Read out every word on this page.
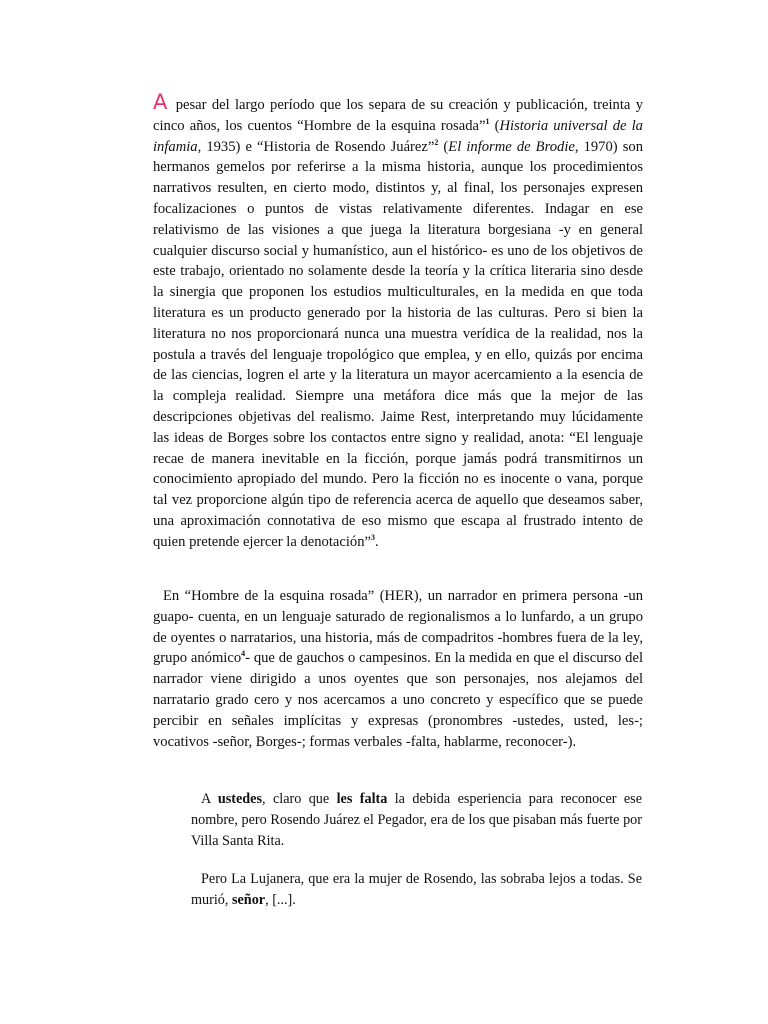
A pesar del largo período que los separa de su creación y publicación, treinta y cinco años, los cuentos “Hombre de la esquina rosada”$^1$ (Historia universal de la infamia, 1935) e “Historia de Rosendo Juárez”$^2$ (El informe de Brodie, 1970) son hermanos gemelos por referirse a la misma historia, aunque los procedimientos narrativos resulten, en cierto modo, distintos y, al final, los personajes expresen focalizaciones o puntos de vistas relativamente diferentes. Indagar en ese relativismo de las visiones a que juega la literatura borgesiana -y en general cualquier discurso social y humanístico, aun el histórico- es uno de los objetivos de este trabajo, orientado no solamente desde la teoría y la crítica literaria sino desde la sinergia que proponen los estudios multiculturales, en la medida en que toda literatura es un producto generado por la historia de las culturas. Pero si bien la literatura no nos proporcionará nunca una muestra verídica de la realidad, nos la postula a través del lenguaje tropológico que emplea, y en ello, quizás por encima de las ciencias, logren el arte y la literatura un mayor acercamiento a la esencia de la compleja realidad. Siempre una metáfora dice más que la mejor de las descripciones objetivas del realismo. Jaime Rest, interpretando muy lúcidamente las ideas de Borges sobre los contactos entre signo y realidad, anota: “El lenguaje recae de manera inevitable en la ficción, porque jamás podrá transmitirnos un conocimiento apropiado del mundo. Pero la ficción no es inocente o vana, porque tal vez proporcione algún tipo de referencia acerca de aquello que deseamos saber, una aproximación connotativa de eso mismo que escapa al frustrado intento de quien pretende ejercer la denotación”$^3$.

En “Hombre de la esquina rosada” (HER), un narrador en primera persona -un guapo- cuenta, en un lenguaje saturado de regionalismos a lo lunfardo, a un grupo de oyentes o narratarios, una historia, más de compadritos -hombres fuera de la ley, grupo anómico$^4$- que de gauchos o campesinos. En la medida en que el discurso del narrador viene dirigido a unos oyentes que son personajes, nos alejamos del narratario grado cero y nos acercamos a uno concreto y específico que se puede percibir en señales implícitas y expresas (pronombres -ustedes, usted, les-; vocativos -señor, Borges-; formas verbales -falta, hablarme, reconocer-).

A ustedes, claro que les falta la debida esperiencia para reconocer ese nombre, pero Rosendo Juárez el Pegador, era de los que pisaban más fuerte por Villa Santa Rita.

Pero La Lujanera, que era la mujer de Rosendo, las sobraba lejos a todas. Se murió, señor, [...].
